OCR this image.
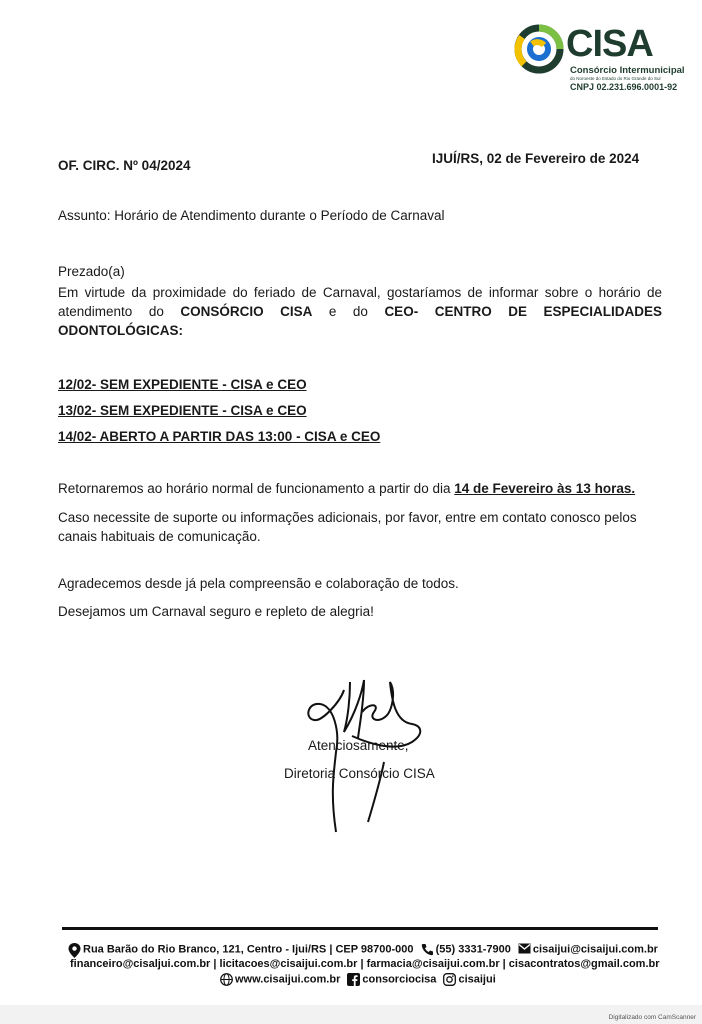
CISA
Consórcio Intermunicipal
do Noroeste do Estado do Rio Grande do Sul
CNPJ 02.231.696.0001-92
OF. CIRC. Nº 04/2024	IJUÍ/RS, 02 de Fevereiro de 2024
Assunto: Horário de Atendimento durante o Período de Carnaval
Prezado(a)
Em virtude da proximidade do feriado de Carnaval, gostaríamos de informar sobre o horário de atendimento do CONSÓRCIO CISA e do CEO- CENTRO DE ESPECIALIDADES ODONTOLÓGICAS:
12/02- SEM EXPEDIENTE - CISA e CEO
13/02- SEM EXPEDIENTE - CISA e CEO
14/02- ABERTO A PARTIR DAS 13:00 - CISA e CEO
Retornaremos ao horário normal de funcionamento a partir do dia 14 de Fevereiro às 13 horas.
Caso necessite de suporte ou informações adicionais, por favor, entre em contato conosco pelos canais habituais de comunicação.
Agradecemos desde já pela compreensão e colaboração de todos.
Desejamos um Carnaval seguro e repleto de alegria!
Atenciosamente,
Diretoria Consórcio CISA
Rua Barão do Rio Branco, 121, Centro - Ijui/RS | CEP 98700-000 (55) 3331-7900 cisaijui@cisaijui.com.br
financeiro@cisaljui.com.br | licitacoes@cisaijui.com.br | farmacia@cisaijui.com.br | cisacontratos@gmail.com.br
www.cisaijui.com.br consorciocisa cisaijui
Digitalizado com CamScanner
